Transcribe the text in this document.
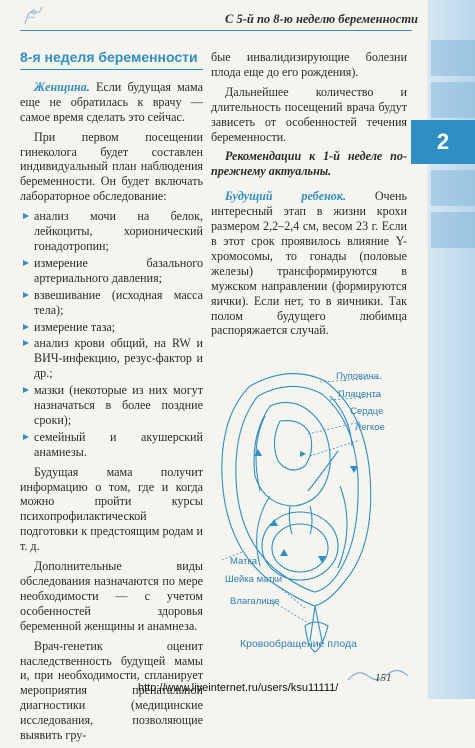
2
С 5-й по 8-ю неделю беременности
8-я неделя беременности

Женщина. Если будущая мама еще не обратилась к врачу — самое время сделать это сейчас.

При первом посещении гинеколога будет составлен индивидуальный план наблюдения беременности. Он будет включать лабораторное обследование:

анализ мочи на белок, лейкоциты, хорионический гонадотропин;
измерение базального артериального давления;
взвешивание (исходная масса тела);
измерение таза;
анализ крови общий, на RW и ВИЧ-инфекцию, резус-фактор и др.;
мазки (некоторые из них могут назначаться в более поздние сроки);
семейный и акушерский анамнезы.

Будущая мама получит информацию о том, где и когда можно пройти курсы психопрофилактической подготовки к предстоящим родам и т. д.

Дополнительные виды обследования назначаются по мере необходимости — с учетом особенностей здоровья беременной женщины и анамнеза.

Врач-генетик оценит наследственность будущей мамы и, при необходимости, спланирует мероприятия пренатальной диагностики (медицинские исследования, позволяющие выявить гру-

бые инвалидизирующие болезни плода еще до его рождения).

Дальнейшее количество и длительность посещений врача будут зависеть от особенностей течения беременности.

Рекомендации к 1-й неделе по-прежнему актуальны.

Будущий ребенок. Очень интересный этап в жизни крохи размером 2,2–2,4 см, весом 23 г. Если в этот срок проявилось влияние Y-хромосомы, то гонады (половые железы) трансформируются в мужском направлении (формируются яички). Если нет, то в яичники. Так полом будущего любимца распоряжается случай.

Пуповина
Плацента
Сердце
Легкое
Матка
Шейка матки
Влагалище
Кровообращение плода
151
http://www.liveinternet.ru/users/ksu11111/
